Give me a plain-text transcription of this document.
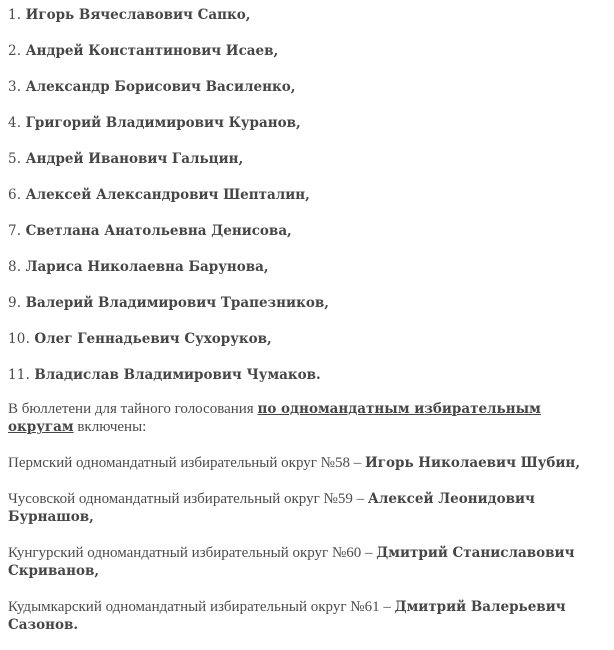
1. Игорь Вячеславович Сапко,

2. Андрей Константинович Исаев,

3. Александр Борисович Василенко,

4. Григорий Владимирович Куранов,

5. Андрей Иванович Гальцин,

6. Алексей Александрович Шепталин,

7. Светлана Анатольевна Денисова,

8. Лариса Николаевна Барунова,

9. Валерий Владимирович Трапезников,

10. Олег Геннадьевич Сухоруков,

11. Владислав Владимирович Чумаков.

В бюллетени для тайного голосования по одномандатным избирательным округам включены:

Пермский одномандатный избирательный округ №58 – Игорь Николаевич Шубин,

Чусовской одномандатный избирательный округ №59 – Алексей Леонидович Бурнашов,

Кунгурский одномандатный избирательный округ №60 – Дмитрий Станиславович Скриванов,

Кудымкарский одномандатный избирательный округ №61 – Дмитрий Валерьевич Сазонов.
